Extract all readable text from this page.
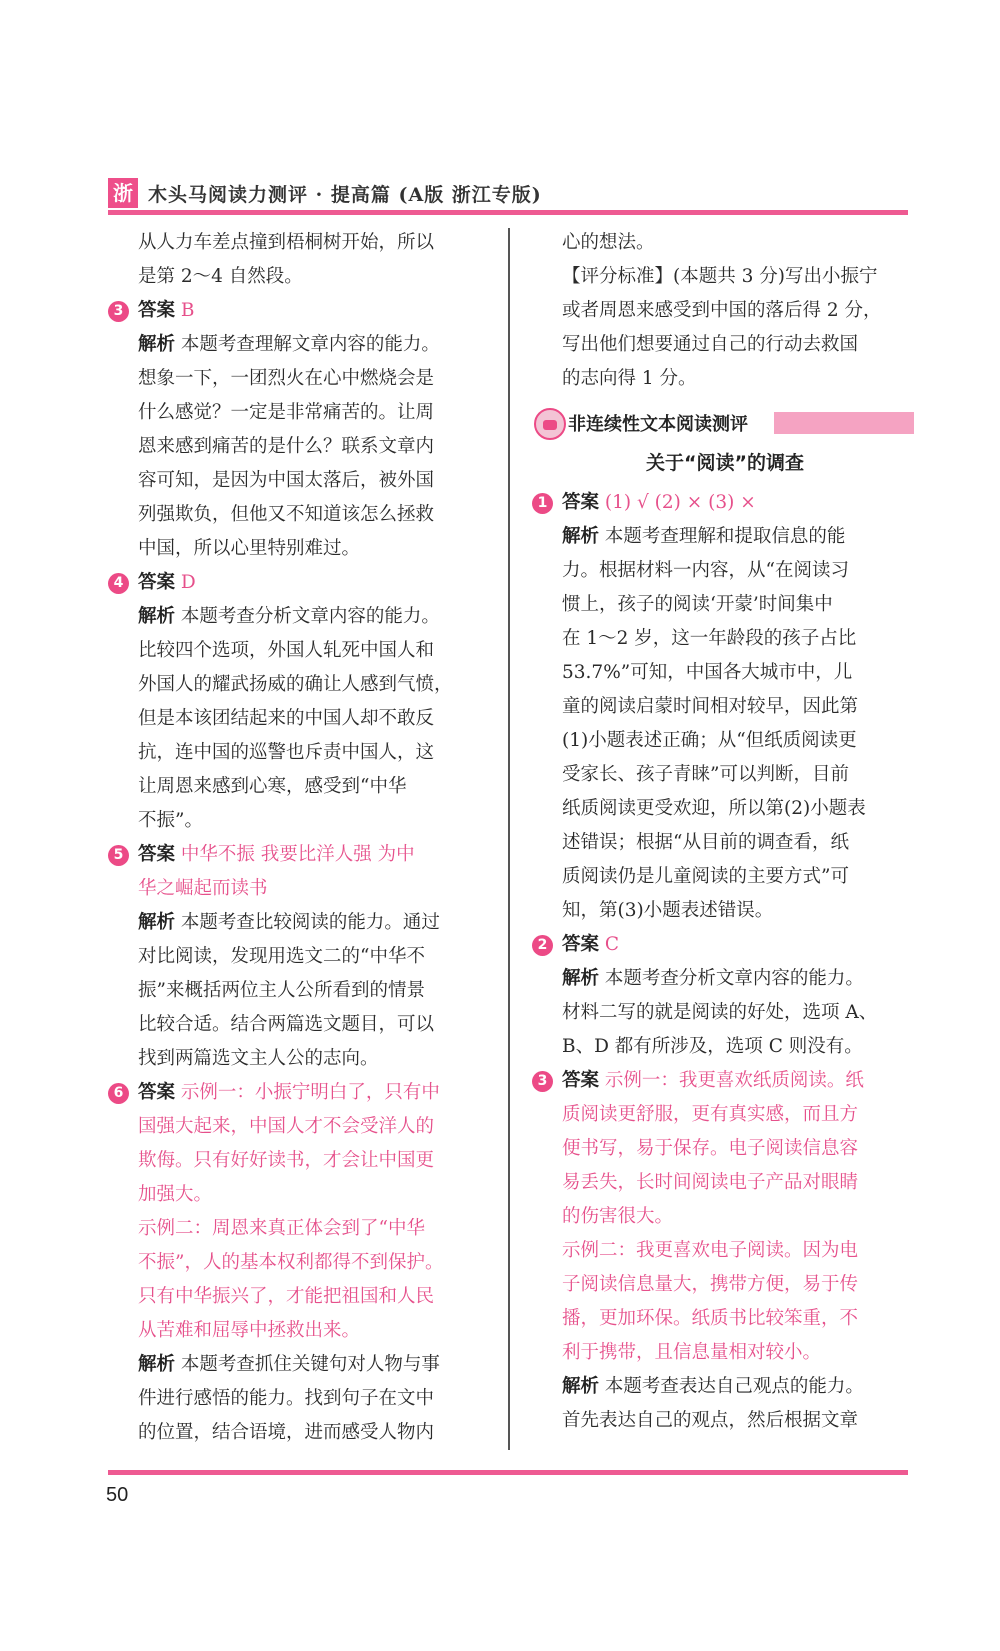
浙 木头马阅读力测评 · 提高篇 (A版 浙江专版)

从人力车差点撞到梧桐树开始，所以

是第 2～4 自然段。

3 答案 B

解析 本题考查理解文章内容的能力。

想象一下，一团烈火在心中燃烧会是

什么感觉？一定是非常痛苦的。让周

恩来感到痛苦的是什么？联系文章内

容可知，是因为中国太落后，被外国

列强欺负，但他又不知道该怎么拯救

中国，所以心里特别难过。

4 答案 D

解析 本题考查分析文章内容的能力。

比较四个选项，外国人轧死中国人和

外国人的耀武扬威的确让人感到气愤，

但是本该团结起来的中国人却不敢反

抗，连中国的巡警也斥责中国人，这

让周恩来感到心寒，感受到“中华

不振”。

5 答案 中华不振 我要比洋人强 为中

华之崛起而读书

解析 本题考查比较阅读的能力。通过

对比阅读，发现用选文二的“中华不

振”来概括两位主人公所看到的情景

比较合适。结合两篇选文题目，可以

找到两篇选文主人公的志向。

6 答案 示例一：小振宁明白了，只有中

国强大起来，中国人才不会受洋人的

欺侮。只有好好读书，才会让中国更

加强大。

示例二：周恩来真正体会到了“中华

不振”，人的基本权利都得不到保护。

只有中华振兴了，才能把祖国和人民

从苦难和屈辱中拯救出来。

解析 本题考查抓住关键句对人物与事

件进行感悟的能力。找到句子在文中

的位置，结合语境，进而感受人物内

心的想法。

【评分标准】(本题共 3 分)写出小振宁

或者周恩来感受到中国的落后得 2 分，

写出他们想要通过自己的行动去救国

的志向得 1 分。

非连续性文本阅读测评
关于“阅读”的调查

1 答案 (1) √ (2) × (3) ×

解析 本题考查理解和提取信息的能

力。根据材料一内容，从“在阅读习

惯上，孩子的阅读‘开蒙’时间集中

在 1～2 岁，这一年龄段的孩子占比

53.7%”可知，中国各大城市中，儿

童的阅读启蒙时间相对较早，因此第

(1)小题表述正确；从“但纸质阅读更

受家长、孩子青睐”可以判断，目前

纸质阅读更受欢迎，所以第(2)小题表

述错误；根据“从目前的调查看，纸

质阅读仍是儿童阅读的主要方式”可

知，第(3)小题表述错误。

2 答案 C

解析 本题考查分析文章内容的能力。

材料二写的就是阅读的好处，选项 A、

B、D 都有所涉及，选项 C 则没有。

3 答案 示例一：我更喜欢纸质阅读。纸

质阅读更舒服，更有真实感，而且方

便书写，易于保存。电子阅读信息容

易丢失，长时间阅读电子产品对眼睛

的伤害很大。

示例二：我更喜欢电子阅读。因为电

子阅读信息量大，携带方便，易于传

播，更加环保。纸质书比较笨重，不

利于携带，且信息量相对较小。

解析 本题考查表达自己观点的能力。

首先表达自己的观点，然后根据文章

50
